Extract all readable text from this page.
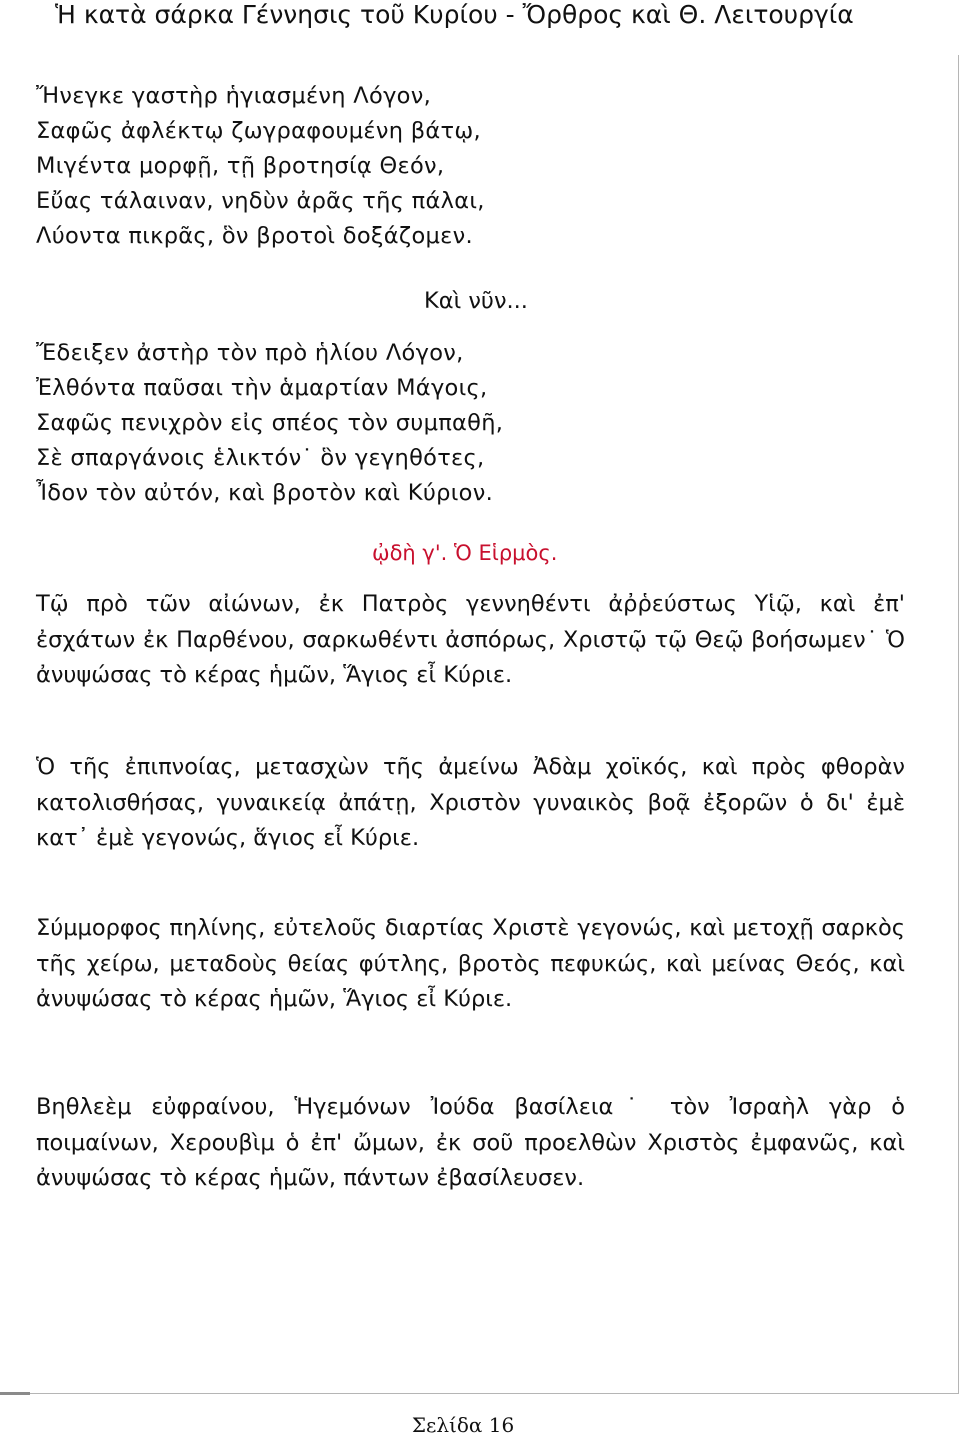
Ἡ κατὰ σάρκα Γέννησις τοῦ Κυρίου - Ὄρθρος καὶ Θ. Λειτουργία
Ἤνεγκε γαστὴρ ἡγιασμένη Λόγον,
Σαφῶς ἀφλέκτῳ ζωγραφουμένη βάτῳ,
Μιγέντα μορφῇ, τῇ βροτησίᾳ Θεόν,
Εὔας τάλαιναν, νηδὺν ἀρᾶς τῆς πάλαι,
Λύοντα πικρᾶς, ὃν βροτοὶ δοξάζομεν.
Καὶ νῦν...
Ἔδειξεν ἀστὴρ τὸν πρὸ ἡλίου Λόγον,
Ἐλθόντα παῦσαι τὴν ἁμαρτίαν Μάγοις,
Σαφῶς πενιχρὸν εἰς σπέος τὸν συμπαθῆ,
Σὲ σπαργάνοις ἑλικτόν˙ ὃν γεγηθότες,
Ἶδον τὸν αὐτόν, καὶ βροτὸν καὶ Κύριον.
ᾠδὴ γ'. Ὁ Εἱρμὸς.

Τῷ πρὸ τῶν αἰώνων, ἐκ Πατρὸς γεννηθέντι ἀῤῥεύστως Υἱῷ, καὶ ἐπ' ἐσχάτων ἐκ Παρθένου, σαρκωθέντι ἀσπόρως, Χριστῷ τῷ Θεῷ βοήσωμεν˙ Ὁ ἀνυψώσας τὸ κέρας ἡμῶν, Ἅγιος εἶ Κύριε.

Ὁ τῆς ἐπιπνοίας, μετασχὼν τῆς ἀμείνω Ἀδὰμ χοϊκός, καὶ πρὸς φθορὰν κατολισθήσας, γυναικείᾳ ἀπάτῃ, Χριστὸν γυναικὸς βοᾷ ἐξορῶν ὁ δι' ἐμὲ κατ᾽ ἐμὲ γεγονώς, ἅγιος εἶ Κύριε.

Σύμμορφος πηλίνης, εὐτελοῦς διαρτίας Χριστὲ γεγονώς, καὶ μετοχῇ σαρκὸς τῆς χείρω, μεταδοὺς θείας φύτλης, βροτὸς πεφυκώς, καὶ μείνας Θεός, καὶ ἀνυψώσας τὸ κέρας ἡμῶν, Ἅγιος εἶ Κύριε.

Βηθλεὲμ εὐφραίνου, Ἡγεμόνων Ἰούδα βασίλεια˙ τὸν Ἰσραὴλ γὰρ ὁ ποιμαίνων, Χερουβὶμ ὁ ἐπ' ὤμων, ἐκ σοῦ προελθὼν Χριστὸς ἐμφανῶς, καὶ ἀνυψώσας τὸ κέρας ἡμῶν, πάντων ἐβασίλευσεν.

Σελίδα 16
